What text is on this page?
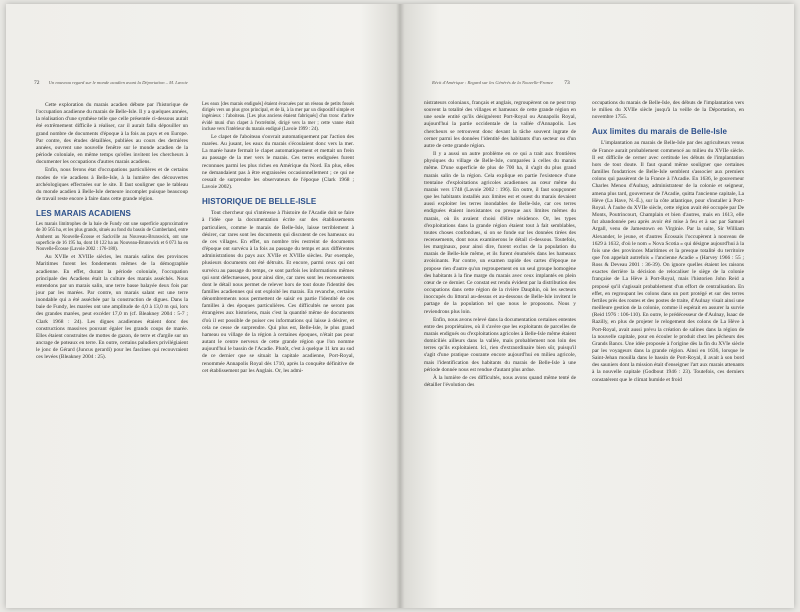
72 Un nouveau regard sur le monde acadien avant la Déportation – M. Lavoie

Cette exploration du marais acadien débute par l'historique de l'occupation acadienne du marais de Belle-Isle. Il y a quelques années, la réalisation d'une synthèse telle que celle présentée ci-dessous aurait été extrêmement difficile à réaliser, car il aurait fallu dépouiller un grand nombre de documents d'époque à la fois au pays et en Europe. Par contre, des études détaillées, publiées au cours des dernières années, ouvrent une nouvelle fenêtre sur le monde acadien de la période coloniale, en même temps qu'elles invitent les chercheurs à documenter les occupations d'autres marais acadiens.

Enfin, nous ferons état d'occupations particulières et de certains modes de vie acadiens à Belle-Isle, à la lumière des découvertes archéologiques effectuées sur le site. Il faut souligner que le tableau du monde acadien à Belle-Isle demeure incomplet puisque beaucoup de travail reste encore à faire dans cette grande région.

LES MARAIS ACADIENS

Les marais limitrophes de la baie de Fundy ont une superficie approximative de 30 565 ha, et les plus grands, situés au fond du bassin de Cumberland, entre Amherst au Nouvelle-Écosse et Sackville au Nouveau-Brunswick, ont une superficie de 16 195 ha, dont 10 122 ha au Nouveau-Brunswick et 6 073 ha en Nouvelle-Écosse (Lavoie 2002 : 176-180).

Au XVIIe et XVIIIe siècles, les marais salins des provinces Maritimes furent les fondements mêmes de la démographie acadienne. En effet, durant la période coloniale, l'occupation principale des Acadiens était la culture des marais asséchés. Nous entendons par un marais salin, une terre basse balayée deux fois par jour par les marées. Par contre, un marais salant est une terre inondable qui a été asséchée par la construction de digues. Dans la baie de Fundy, les marées ont une amplitude de 4,0 à 13,0 m qui, lors des grandes marées, peut excéder 17,0 m (cf. Bleakney 2004 : 5-7 ; Clark 1968 : 24). Les digues acadiennes étaient donc des constructions massives pouvant égaler les grands coups de marée. Elles étaient construites de mottes de gazon, de terre et d'argile sur un ancrage de poteaux en terre. En outre, certains paludiers privilégiaient le jonc de Gérard (Juncus gerardi) pour les fascines qui recouvraient ces levées (Bleakney 2004 : 25).

Les eaux [des marais endigués] étaient évacuées par un réseau de petits fossés dirigés vers un plus gros principal, et de là, à la mer par un dispositif simple et ingénieux : l'aboiteau. [Les plus anciens étaient fabriqués] d'un tronc d'arbre évidé muni d'un clapet à l'extrémité, dirigé vers la mer ; cette vanne était incluse vers l'intérieur du marais endigué (Lavoie 1999 : 24).

Le clapet de l'aboiteau s'ouvrait automatiquement par l'action des marées. Au jusant, les eaux du marais s'écoulaient donc vers la mer. La marée haute fermait le clapet automatiquement et mettait un frein au passage de la mer vers le marais. Ces terres endiguées furent reconnues parmi les plus riches en Amérique du Nord. En plus, elles ne demandaient pas à être engraissées occasionnellement ; ce qui ne cessait de surprendre les observateurs de l'époque (Clark 1968 ; Lavoie 2002).

HISTORIQUE DE BELLE-ISLE

Tout chercheur qui s'intéresse à l'histoire de l'Acadie doit se faire à l'idée que la documentation écrite sur des établissements particuliers, comme le marais de Belle-Isle, laisse terriblement à désirer, car rares sont les documents qui discutent de ces hameaux ou de ces villages. En effet, un nombre très restreint de documents d'époque ont survécu à la fois au passage du temps et aux différentes administrations du pays aux XVIIe et XVIIIe siècles. Par exemple, plusieurs documents ont été détruits. Et encore, parmi ceux qui ont survécu au passage du temps, ce sont parfois les informations mêmes qui sont défectueuses, pour ainsi dire, car rares sont les recensements dont le détail nous permet de relever hors de tout doute l'identité des familles acadiennes qui ont exploité les marais. En revanche, certains dénombrements nous permettent de saisir en partie l'identité de ces familles à des époques particulières. Ces difficultés ne seront pas étrangères aux historiens, mais c'est la quantité même de documents d'où il est possible de puiser ces informations qui laisse à désirer, et cela ne cesse de surprendre. Qui plus est, Belle-Isle, le plus grand hameau ou village de la région à certaines époques, n'était pas pour autant le centre nerveux de cette grande région que l'on nomme aujourd'hui le bassin de l'Acadie. Plutôt, c'est à quelque 11 km au sud de ce dernier que se situait la capitale acadienne, Port-Royal, renommée Annapolis Royal dès 1710, après la conquête définitive de cet établissement par les Anglais. Or, les admi-

Récit d'Amérique : Regard sur les Générés de la Nouvelle-France 73

nistrateurs coloniaux, français et anglais, regroupèrent on ne peut trop souvent la totalité des villages et hameaux de cette grande région en une seule entité qu'ils désignèrent Port-Royal ou Annapolis Royal, aujourd'hui la partie occidentale de la vallée d'Annapolis. Les chercheurs se retrouvent donc devant la tâche souvent ingrate de cerner parmi les données l'identité des habitants d'un secteur ou d'un autre de cette grande région.

Il y a aussi un autre problème en ce qui a trait aux frontières physiques du village de Belle-Isle, comparées à celles du marais même. D'une superficie de plus de 700 ha, il s'agit du plus grand marais salin de la région. Cela explique en partie l'existence d'une trentaine d'exploitations agricoles acadiennes au cœur même du marais vers 1748 (Lavoie 2002 : 196). En outre, il faut soupçonner que les habitants installés aux limites est et ouest du marais devaient aussi exploiter les terres inondables de Belle-Isle, car ces terres endiguées étaient inexistantes ou presque aux limites mêmes du marais, où ils avaient choisi d'élire résidence. Or, les types d'exploitations dans la grande région étaient tout à fait semblables, toutes choses confondues, si on se fonde sur les données tirées des recensements, dont nous examinerons le détail ci-dessous. Toutefois, les marginaux, pour ainsi dire, furent exclus de la population du marais de Belle-Isle même, et ils furent énumérés dans les hameaux avoisinants. Par contre, un examen rapide des cartes d'époque ne propose rien d'autre qu'un regroupement en un seul groupe homogène des habitants à la fine marge du marais avec ceux implantés en plein cœur de ce dernier. Ce constat est rendu évident par la distribution des occupations dans cette région de la rivière Dauphin, où les secteurs inoccupés du littoral au-dessus et au-dessous de Belle-Isle invitent le partage de la population tel que nous le proposons. Nous y reviendrons plus loin.

Enfin, nous avons relevé dans la documentation certaines ententes entre des propriétaires, où il s'avère que les exploitants de parcelles de marais endigués ou d'exploitations agricoles à Belle-Isle même étaient domiciliés ailleurs dans la vallée, mais probablement non loin des terres qu'ils exploitaient. Ici, rien d'extraordinaire bien sûr, puisqu'il s'agit d'une pratique courante encore aujourd'hui en milieu agricole, mais l'identification des habitants du marais de Belle-Isle à une période donnée nous est rendue d'autant plus ardue.

À la lumière de ces difficultés, nous avons quand même tenté de détailler l'évolution des

occupations du marais de Belle-Isle, des débuts de l'implantation vers le milieu du XVIIe siècle jusqu'à la veille de la Déportation, en novembre 1755.

Aux limites du marais de Belle-Isle

L'implantation au marais de Belle-Isle par des agriculteurs venus de France aurait probablement commencé au milieu du XVIIe siècle. Il est difficile de cerner avec certitude les débuts de l'implantation hors de tout doute. Il faut quand même souligner que certaines familles fondatrices de Belle-Isle semblent s'associer aux premiers colons qui passèrent de la France à l'Acadie. En 1636, le gouverneur Charles Menou d'Aulnay, administrateur de la colonie et seigneur, amena plus tard, gouverneur de l'Acadie, quitta l'ancienne capitale, La Hève (La Have, N.-É.), sur la côte atlantique, pour s'installer à Port-Royal. À l'aube du XVIIe siècle, cette région avait été occupée par De Monts, Poutrincourt, Champlain et bien d'autres, mais en 1613, elle fut abandonnée peu après avoir été mise à feu et à sac par Samuel Argall, venu de Jamestown en Virginie. Par la suite, Sir William Alexander, le jeune, et d'autres Écossais l'occupèrent à nouveau de 1629 à 1632, d'où le nom « Nova Scotia » qui désigne aujourd'hui à la fois une des provinces Maritimes et la presque totalité du territoire que l'on appelait autrefois « l'ancienne Acadie » (Harvey 1966 : 55 ; Ross & Deveau 2001 : 36-39). On ignore quelles étaient les raisons exactes derrière la décision de relocaliser le siège de la colonie française de La Hève à Port-Royal, mais l'historien John Reid a proposé qu'il s'agissait probablement d'un effort de centralisation. En effet, en regroupant les colons dans un port protégé et sur des terres fertiles près des routes et des postes de traite, d'Aulnay visait ainsi une meilleure gestion de la colonie, comme il espérait en assurer la survie (Reid 1976 : 106-110). En outre, le prédécesseur de d'Aulnay, Isaac de Razilly, en plus de projeter le relogement des colons de La Hève à Port-Royal, avait aussi prévu la création de salines dans la région de la nouvelle capitale, pour en écouler le produit chez les pêcheurs des Grands Bancs. Une idée proposée à l'origine dès la fin du XVIe siècle par les voyageurs dans la grande région. Ainsi en 1636, lorsque le Saint-Jehan mouilla dans le bassin de Port-Royal, il avait à son bord des sauniers dont la mission était d'enseigner l'art aux marais attenants à la nouvelle capitale (Godbout 1946 : 23). Toutefois, ces derniers constatèrent que le climat humide et froid
